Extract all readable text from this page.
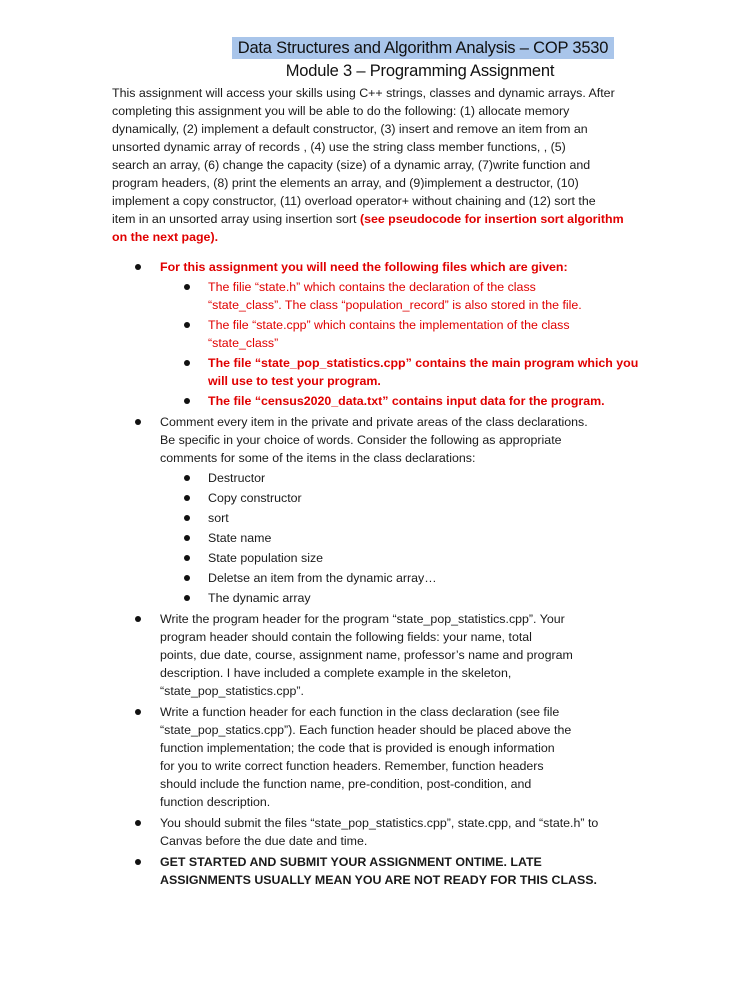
Data Structures and Algorithm Analysis – COP 3530
Module 3 – Programming Assignment
This assignment will access your skills using C++ strings, classes and dynamic arrays. After
completing this assignment you will be able to do the following: (1) allocate memory
dynamically, (2) implement a default constructor, (3) insert and remove an item from an
unsorted dynamic array of records , (4) use the string class member functions, , (5)
search an array, (6) change the capacity (size) of a dynamic array, (7)write function and
program headers, (8) print the elements an array, and (9)implement a destructor, (10)
implement a copy constructor, (11) overload operator+ without chaining and (12) sort the
item in an unsorted array using insertion sort (see pseudocode for insertion sort algorithm
on the next page).
For this assignment you will need the following files which are given:
The filie “state.h” which contains the declaration of the class
“state_class”. The class “population_record” is also stored in the file.
The file “state.cpp” which contains the implementation of the class
“state_class”
The file “state_pop_statistics.cpp” contains the main program which you
will use to test your program.
The file “census2020_data.txt” contains input data for the program.
Comment every item in the private and private areas of the class declarations.
Be specific in your choice of words. Consider the following as appropriate
comments for some of the items in the class declarations:
Destructor
Copy constructor
sort
State name
State population size
Deletse an item from the dynamic array…
The dynamic array
Write the program header for the program “state_pop_statistics.cpp”. Your
program header should contain the following fields: your name, total
points, due date, course, assignment name, professor’s name and program
description. I have included a complete example in the skeleton,
“state_pop_statistics.cpp”.
Write a function header for each function in the class declaration (see file
“state_pop_statics.cpp”). Each function header should be placed above the
function implementation; the code that is provided is enough information
for you to write correct function headers. Remember, function headers
should include the function name, pre-condition, post-condition, and
function description.
You should submit the files “state_pop_statistics.cpp”, state.cpp, and “state.h” to
Canvas before the due date and time.
GET STARTED AND SUBMIT YOUR ASSIGNMENT ONTIME. LATE
ASSIGNMENTS USUALLY MEAN YOU ARE NOT READY FOR THIS CLASS.
